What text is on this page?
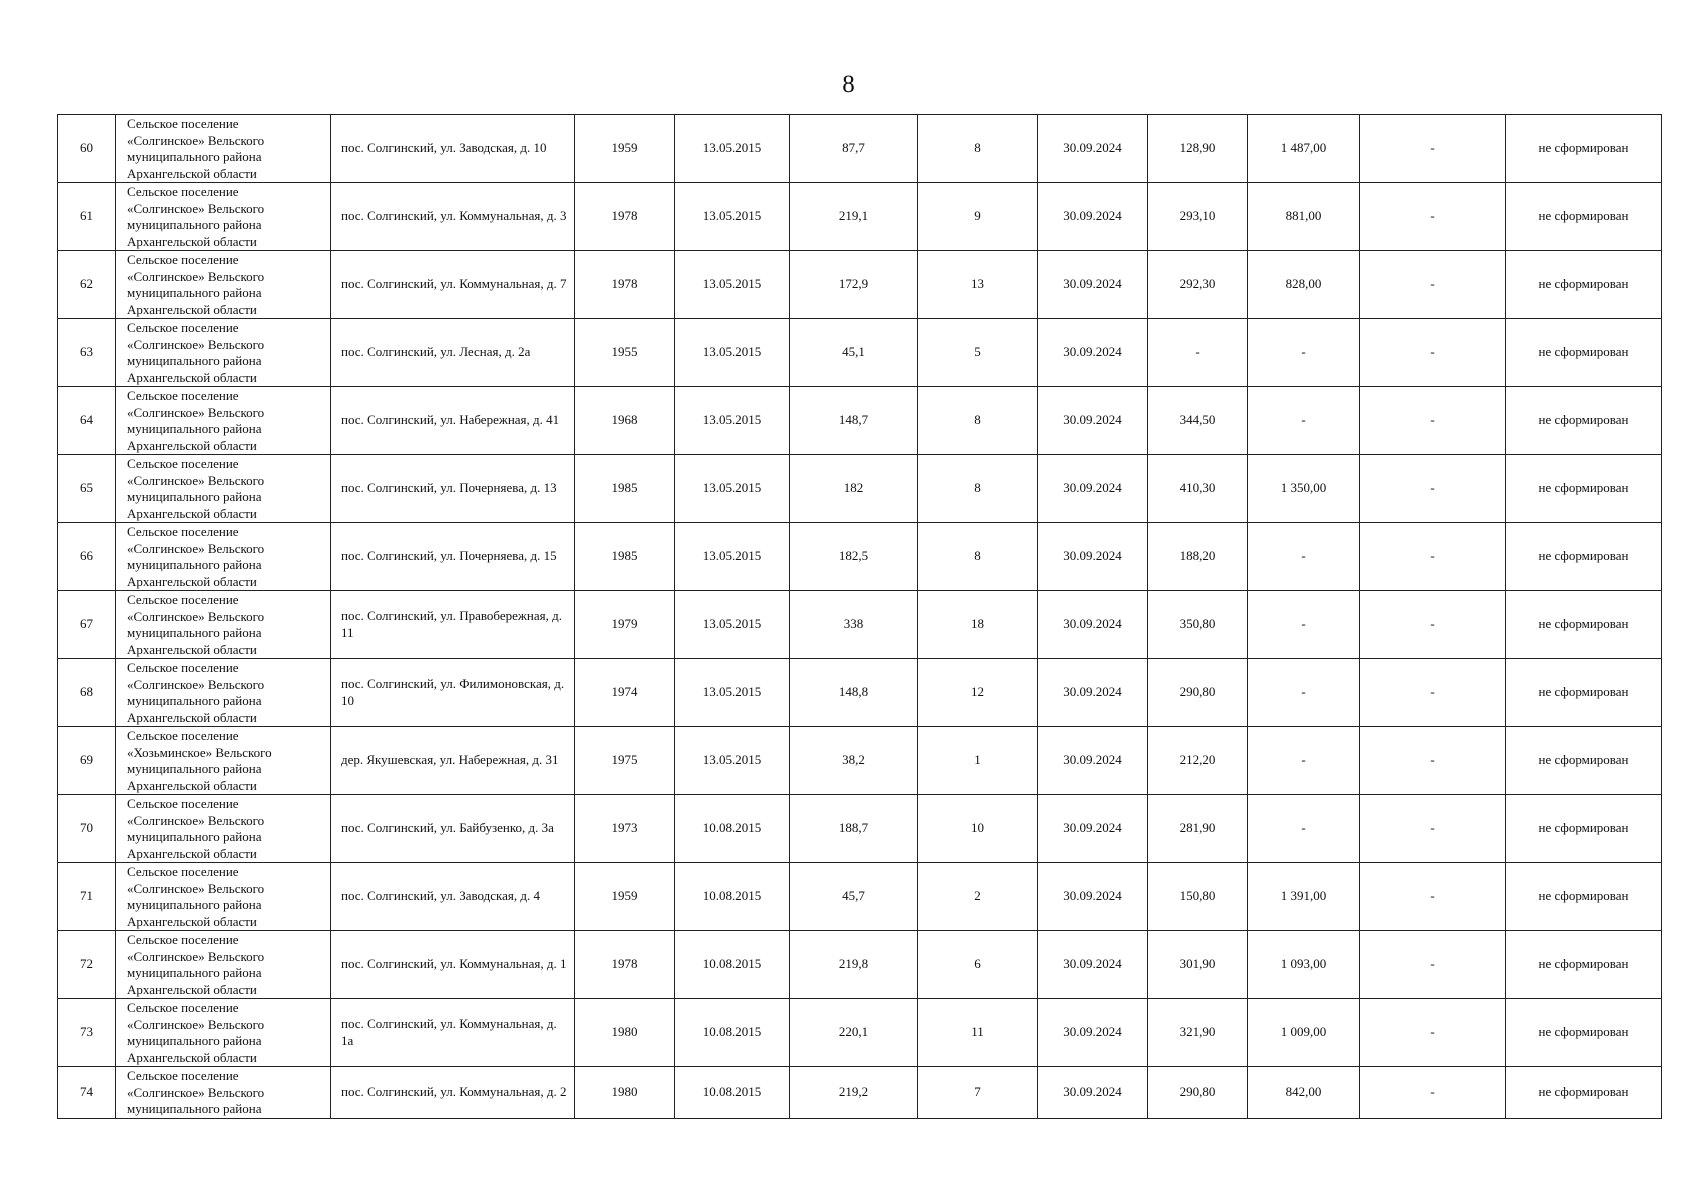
8
60	Сельское поселение
«Солгинское» Вельского
муниципального района
Архангельской области	пос. Солгинский, ул. Заводская, д. 10	1959	13.05.2015	87,7	8	30.09.2024	128,90	1 487,00	-	не сформирован
61	Сельское поселение
«Солгинское» Вельского
муниципального района
Архангельской области	пос. Солгинский, ул. Коммунальная, д. 3	1978	13.05.2015	219,1	9	30.09.2024	293,10	881,00	-	не сформирован
62	Сельское поселение
«Солгинское» Вельского
муниципального района
Архангельской области	пос. Солгинский, ул. Коммунальная, д. 7	1978	13.05.2015	172,9	13	30.09.2024	292,30	828,00	-	не сформирован
63	Сельское поселение
«Солгинское» Вельского
муниципального района
Архангельской области	пос. Солгинский, ул. Лесная, д. 2а	1955	13.05.2015	45,1	5	30.09.2024	-	-	-	не сформирован
64	Сельское поселение
«Солгинское» Вельского
муниципального района
Архангельской области	пос. Солгинский, ул. Набережная, д. 41	1968	13.05.2015	148,7	8	30.09.2024	344,50	-	-	не сформирован
65	Сельское поселение
«Солгинское» Вельского
муниципального района
Архангельской области	пос. Солгинский, ул. Почерняева, д. 13	1985	13.05.2015	182	8	30.09.2024	410,30	1 350,00	-	не сформирован
66	Сельское поселение
«Солгинское» Вельского
муниципального района
Архангельской области	пос. Солгинский, ул. Почерняева, д. 15	1985	13.05.2015	182,5	8	30.09.2024	188,20	-	-	не сформирован
67	Сельское поселение
«Солгинское» Вельского
муниципального района
Архангельской области	пос. Солгинский, ул. Правобережная, д. 11	1979	13.05.2015	338	18	30.09.2024	350,80	-	-	не сформирован
68	Сельское поселение
«Солгинское» Вельского
муниципального района
Архангельской области	пос. Солгинский, ул. Филимоновская, д. 10	1974	13.05.2015	148,8	12	30.09.2024	290,80	-	-	не сформирован
69	Сельское поселение
«Хозьминское» Вельского
муниципального района
Архангельской области	дер. Якушевская, ул. Набережная, д. 31	1975	13.05.2015	38,2	1	30.09.2024	212,20	-	-	не сформирован
70	Сельское поселение
«Солгинское» Вельского
муниципального района
Архангельской области	пос. Солгинский, ул. Байбузенко, д. 3а	1973	10.08.2015	188,7	10	30.09.2024	281,90	-	-	не сформирован
71	Сельское поселение
«Солгинское» Вельского
муниципального района
Архангельской области	пос. Солгинский, ул. Заводская, д. 4	1959	10.08.2015	45,7	2	30.09.2024	150,80	1 391,00	-	не сформирован
72	Сельское поселение
«Солгинское» Вельского
муниципального района
Архангельской области	пос. Солгинский, ул. Коммунальная, д. 1	1978	10.08.2015	219,8	6	30.09.2024	301,90	1 093,00	-	не сформирован
73	Сельское поселение
«Солгинское» Вельского
муниципального района
Архангельской области	пос. Солгинский, ул. Коммунальная, д. 1а	1980	10.08.2015	220,1	11	30.09.2024	321,90	1 009,00	-	не сформирован
74	Сельское поселение
«Солгинское» Вельского
муниципального района	пос. Солгинский, ул. Коммунальная, д. 2	1980	10.08.2015	219,2	7	30.09.2024	290,80	842,00	-	не сформирован
